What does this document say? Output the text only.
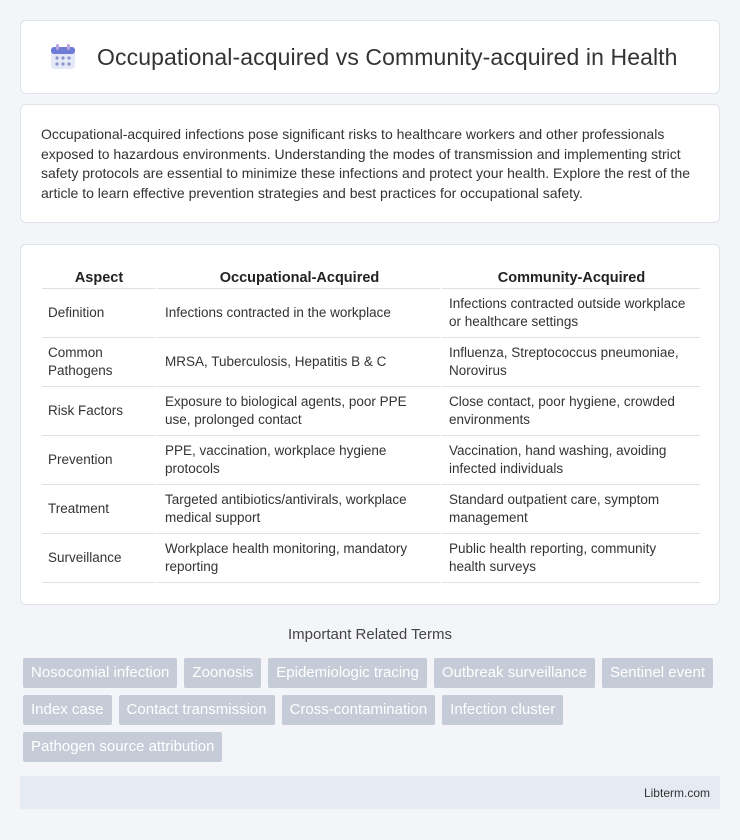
Occupational-acquired vs Community-acquired in Health

Occupational-acquired infections pose significant risks to healthcare workers and other professionals exposed to hazardous environments. Understanding the modes of transmission and implementing strict safety protocols are essential to minimize these infections and protect your health. Explore the rest of the article to learn effective prevention strategies and best practices for occupational safety.

Aspect	Occupational-Acquired	Community-Acquired
Definition	Infections contracted in the workplace	Infections contracted outside workplace or healthcare settings
Common Pathogens	MRSA, Tuberculosis, Hepatitis B & C	Influenza, Streptococcus pneumoniae, Norovirus
Risk Factors	Exposure to biological agents, poor PPE use, prolonged contact	Close contact, poor hygiene, crowded environments
Prevention	PPE, vaccination, workplace hygiene protocols	Vaccination, hand washing, avoiding infected individuals
Treatment	Targeted antibiotics/antivirals, workplace medical support	Standard outpatient care, symptom management
Surveillance	Workplace health monitoring, mandatory reporting	Public health reporting, community health surveys
Important Related Terms
Nosocomial infection	Zoonosis	Epidemiologic tracing	Outbreak surveillance	Sentinel event
Index case	Contact transmission	Cross-contamination	Infection cluster
Pathogen source attribution
Libterm.com
